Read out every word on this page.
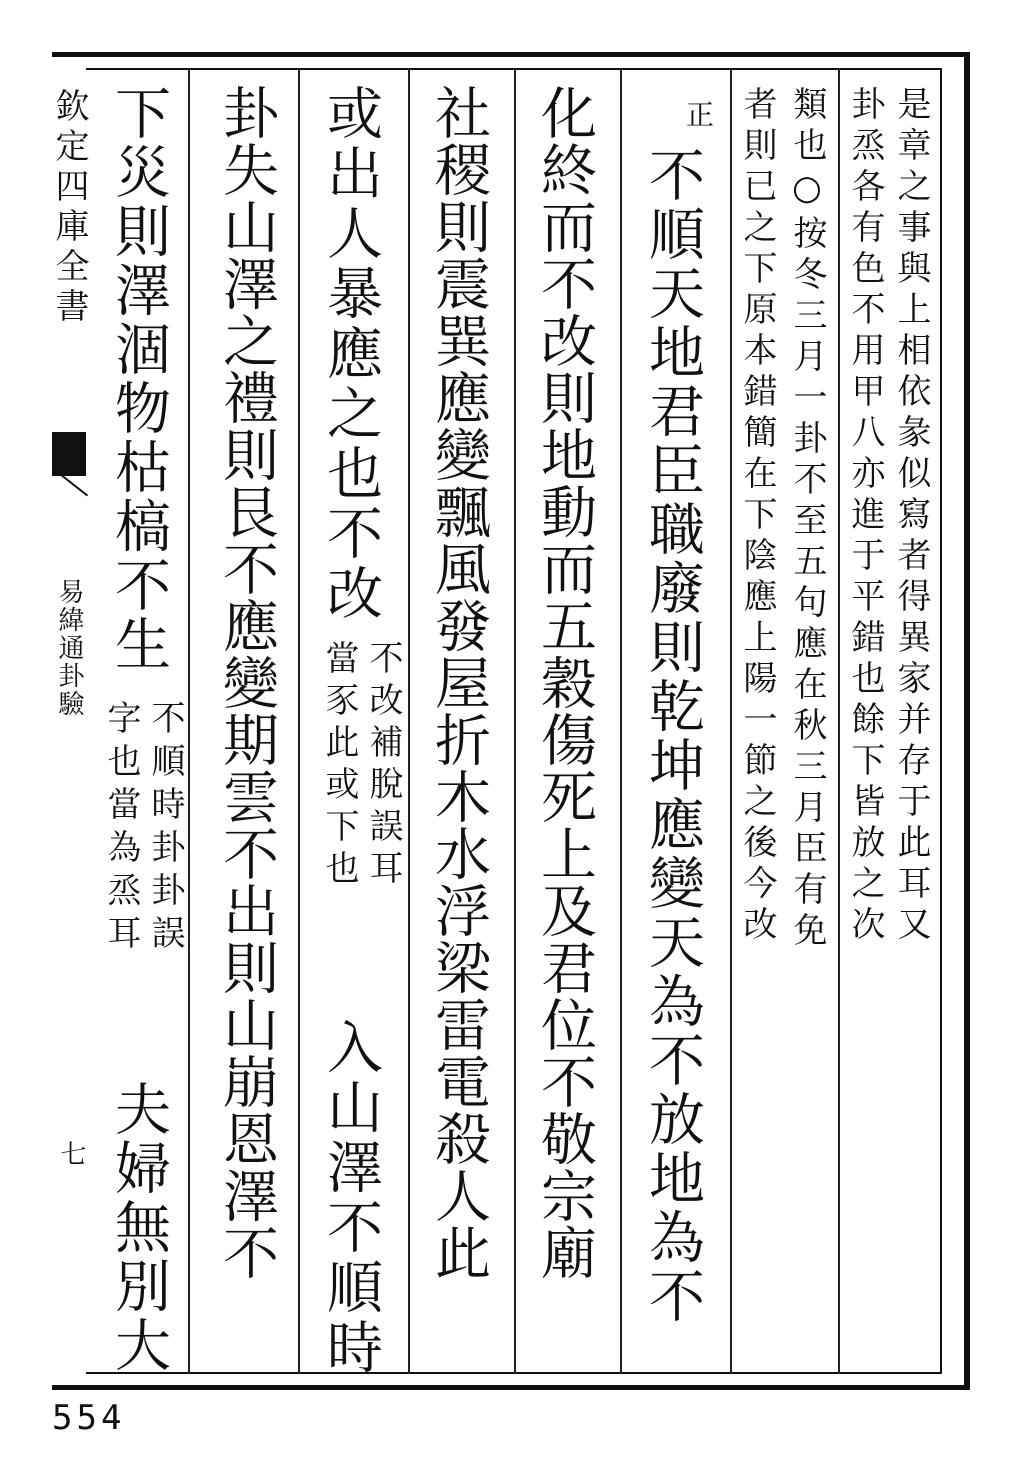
欽定四庫全書
易緯通卦驗
七
554
是章之事與上相依彖似寫者得異家并存于此耳又
卦烝各有色不用甲八亦進于平錯也餘下皆放之次
類也○按冬三月一卦不至五句應在秋三月臣有免
者則已之下原本錯簡在下陰應上陽一節之後今改
正
不順天地君臣職廢則乾坤應變天為不放地為不
化終而不改則地動而五穀傷死上及君位不敬宗廟
社稷則震巽應變飄風發屋折木水浮梁雷電殺人此
或出人暴應之也不改
不改補脫誤耳
當豕此或下也
入山澤不順時
卦失山澤之禮則艮不應變期雲不出則山崩恩澤不
下災則澤涸物枯槁不生
不順時卦卦誤
字也當為烝耳
夫婦無別大
